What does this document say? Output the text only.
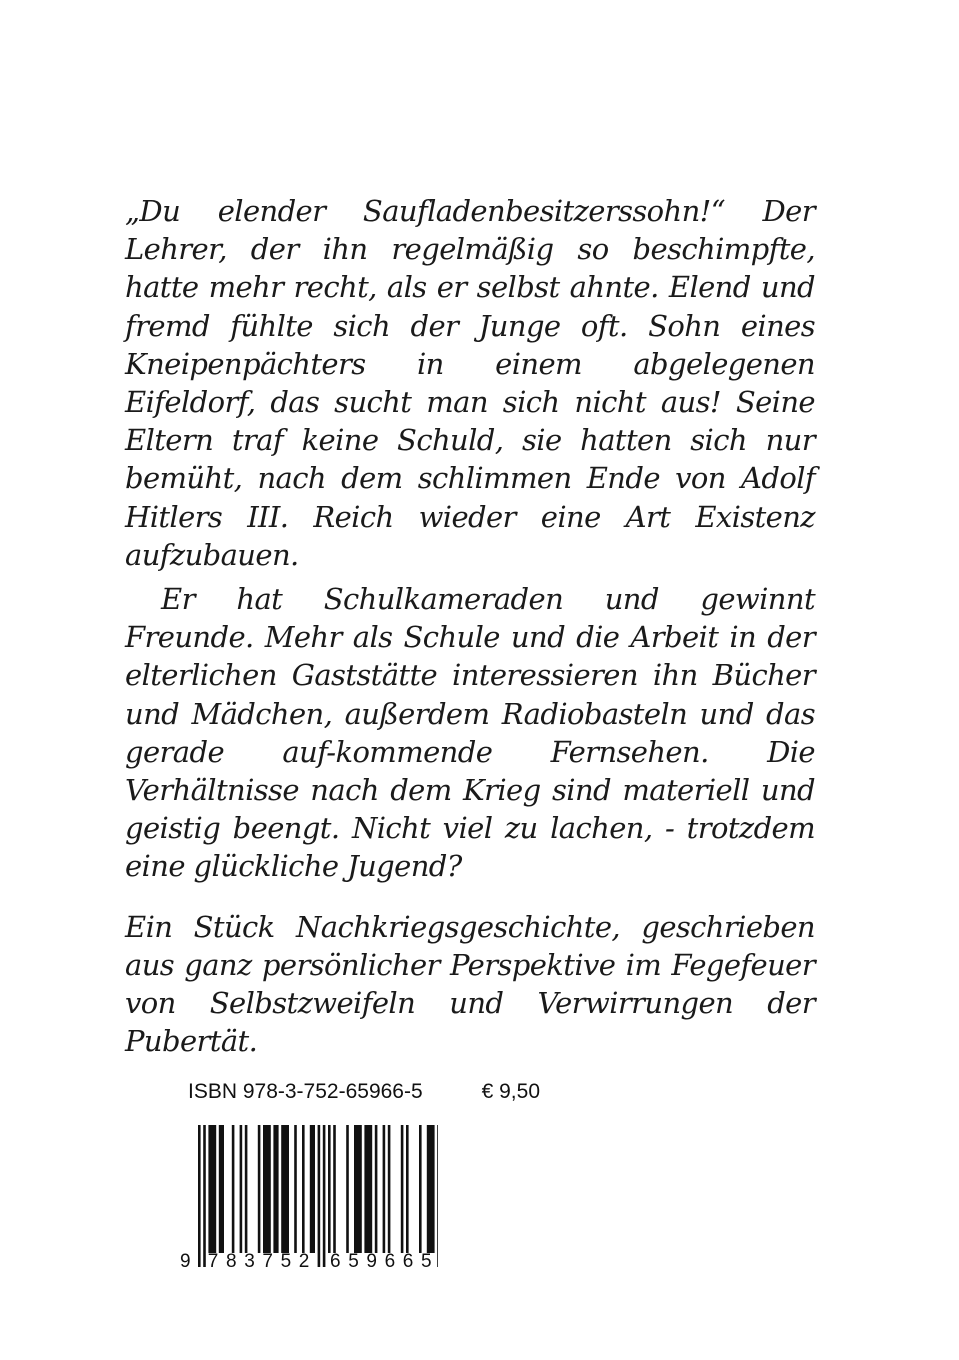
„Du elender Saufladenbesitzerssohn!“ Der Lehrer, der ihn regelmäßig so beschimpfte, hatte mehr recht, als er selbst ahnte. Elend und fremd fühlte sich der Junge oft. Sohn eines Kneipenpächters in einem abgelegenen Eifeldorf, das sucht man sich nicht aus! Seine Eltern traf keine Schuld, sie hatten sich nur bemüht, nach dem schlimmen Ende von Adolf Hitlers III. Reich wieder eine Art Existenz aufzubauen.

Er hat Schulkameraden und gewinnt Freunde. Mehr als Schule und die Arbeit in der elterlichen Gaststätte interessieren ihn Bücher und Mädchen, außerdem Radiobasteln und das gerade auf-kommende Fernsehen. Die Verhältnisse nach dem Krieg sind materiell und geistig beengt. Nicht viel zu lachen, - trotzdem eine glückliche Jugend?

Ein Stück Nachkriegsgeschichte, geschrieben aus ganz persönlicher Perspektive im Fegefeuer von Selbstzweifeln und Verwirrungen der Pubertät.

ISBN 978-3-752-65966-5	€ 9,50
9 7 8 3 7 5 2 6 5 9 6 6 5
